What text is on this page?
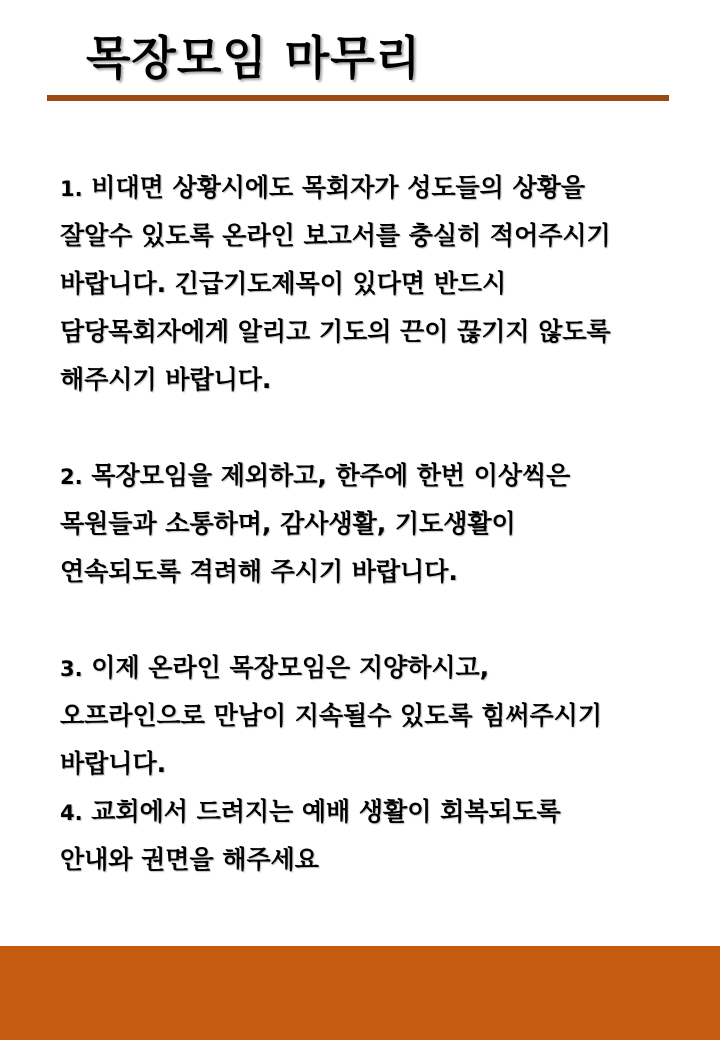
목장모임 마무리
1. 비대면 상황시에도 목회자가 성도들의 상황을
잘알수 있도록 온라인 보고서를 충실히 적어주시기
바랍니다. 긴급기도제목이 있다면 반드시
담당목회자에게 알리고 기도의 끈이 끊기지 않도록
해주시기 바랍니다.
2. 목장모임을 제외하고, 한주에 한번 이상씩은
목원들과 소통하며, 감사생활, 기도생활이
연속되도록 격려해 주시기 바랍니다.
3. 이제 온라인 목장모임은 지양하시고,
오프라인으로 만남이 지속될수 있도록 힘써주시기
바랍니다.
4. 교회에서 드려지는 예배 생활이 회복되도록
안내와 권면을 해주세요
